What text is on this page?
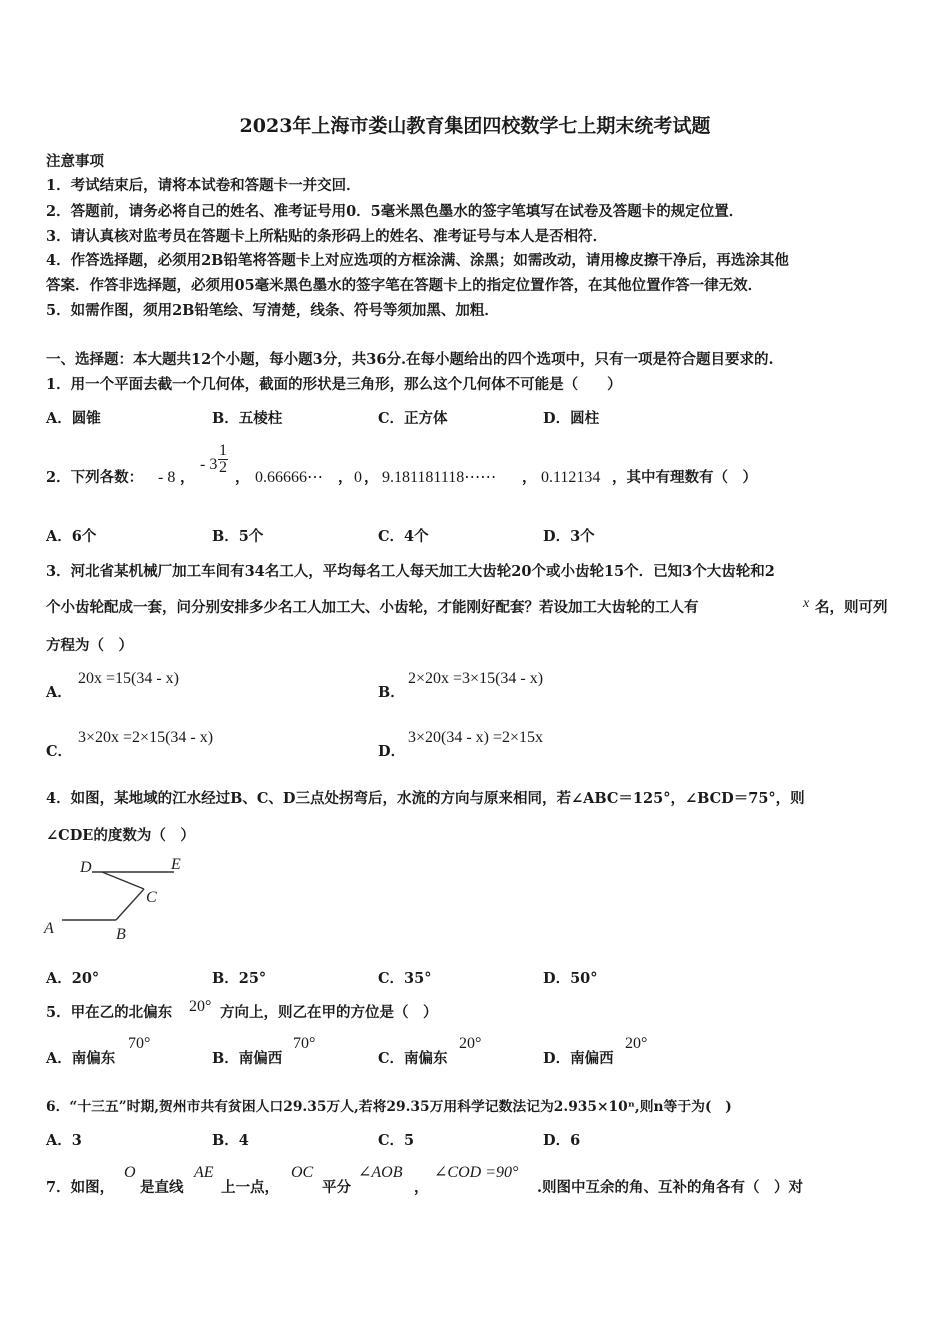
2023年上海市娄山教育集团四校数学七上期末统考试题
注意事项
1．考试结束后，请将本试卷和答题卡一并交回．
2．答题前，请务必将自己的姓名、准考证号用0．5毫米黑色墨水的签字笔填写在试卷及答题卡的规定位置．
3．请认真核对监考员在答题卡上所粘贴的条形码上的姓名、准考证号与本人是否相符．
4．作答选择题，必须用2B铅笔将答题卡上对应选项的方框涂满、涂黑；如需改动，请用橡皮擦干净后，再选涂其他
答案．作答非选择题，必须用05毫米黑色墨水的签字笔在答题卡上的指定位置作答，在其他位置作答一律无效．
5．如需作图，须用2B铅笔绘、写清楚，线条、符号等须加黑、加粗．
一、选择题：本大题共12个小题，每小题3分，共36分.在每小题给出的四个选项中，只有一项是符合题目要求的.
1．用一个平面去截一个几何体，截面的形状是三角形，那么这个几何体不可能是（　　）
A．圆锥	B．五棱柱	C．正方体	D．圆柱
2．下列各数： - 8 ，
- $3 \frac{1}{2}$
， 0.66666⋯ ， 0 ， 9.181181118⋯⋯ ， 0.112134 ，其中有理数有（　）
A．6个	B．5个	C．4个	D．3个
3．河北省某机械厂加工车间有34名工人，平均每名工人每天加工大齿轮20个或小齿轮15个．已知3个大齿轮和2
个小齿轮配成一套，问分别安排多少名工人加工大、小齿轮，才能刚好配套？若设加工大齿轮的工人有	x 名，则可列
方程为（　）
A．
20x =15(34 - x)
B．
2×20x =3×15(34 - x)
C．
3×20x =2×15(34 - x)
D．
3×20(34 - x) =2×15x
4．如图，某地域的江水经过B、C、D三点处拐弯后，水流的方向与原来相同，若∠ABC＝125°，∠BCD＝75°，则
∠CDE的度数为（　）
D	E
C
A	B
A．20°	B．25°	C．35°	D．50°
5．甲在乙的北偏东 20° 方向上，则乙在甲的方位是（　）
A．南偏东
70°
B．南偏西
70°
C．南偏东
20°
D．南偏西
20°
6．“十三五”时期,贺州市共有贫困人口29.35万人,若将29.35万用科学记数法记为2.935×10ⁿ,则n等于为(　)
A．3	B．4	C．5	D．6
7．如图，
O
是直线
AE
上一点，
OC
平分
∠AOB
，
∠COD =90°
.则图中互余的角、互补的角各有（　）对
